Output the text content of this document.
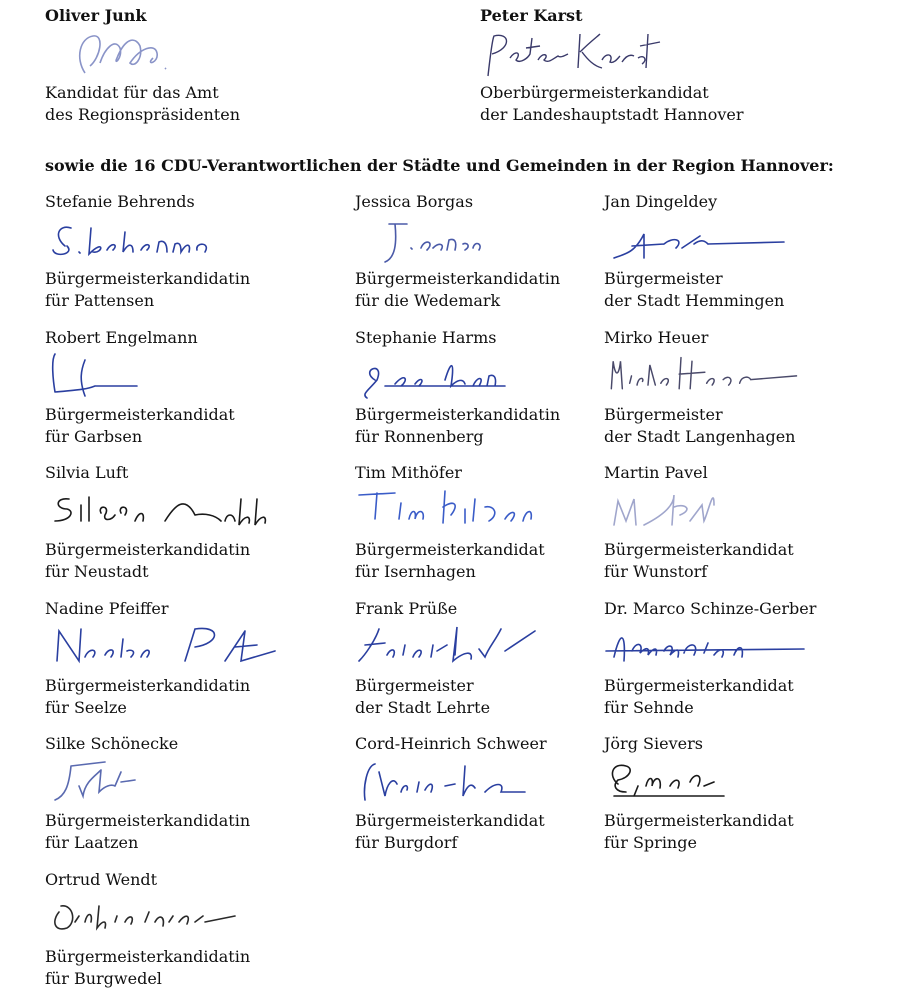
Oliver Junk
Kandidat für das Amt
des Regionspräsidenten
Peter Karst
Oberbürgermeisterkandidat
der Landeshauptstadt Hannover
sowie die 16 CDU-Verantwortlichen der Städte und Gemeinden in der Region Hannover:
Stefanie Behrends
Bürgermeisterkandidatin
für Pattensen
Jessica Borgas
Bürgermeisterkandidatin
für die Wedemark
Jan Dingeldey
Bürgermeister
der Stadt Hemmingen
Robert Engelmann
Bürgermeisterkandidat
für Garbsen
Stephanie Harms
Bürgermeisterkandidatin
für Ronnenberg
Mirko Heuer
Bürgermeister
der Stadt Langenhagen
Silvia Luft
Bürgermeisterkandidatin
für Neustadt
Tim Mithöfer
Bürgermeisterkandidat
für Isernhagen
Martin Pavel
Bürgermeisterkandidat
für Wunstorf
Nadine Pfeiffer
Bürgermeisterkandidatin
für Seelze
Frank Prüße
Bürgermeister
der Stadt Lehrte
Dr. Marco Schinze-Gerber
Bürgermeisterkandidat
für Sehnde
Silke Schönecke
Bürgermeisterkandidatin
für Laatzen
Cord-Heinrich Schweer
Bürgermeisterkandidat
für Burgdorf
Jörg Sievers
Bürgermeisterkandidat
für Springe
Ortrud Wendt
Bürgermeisterkandidatin
für Burgwedel
